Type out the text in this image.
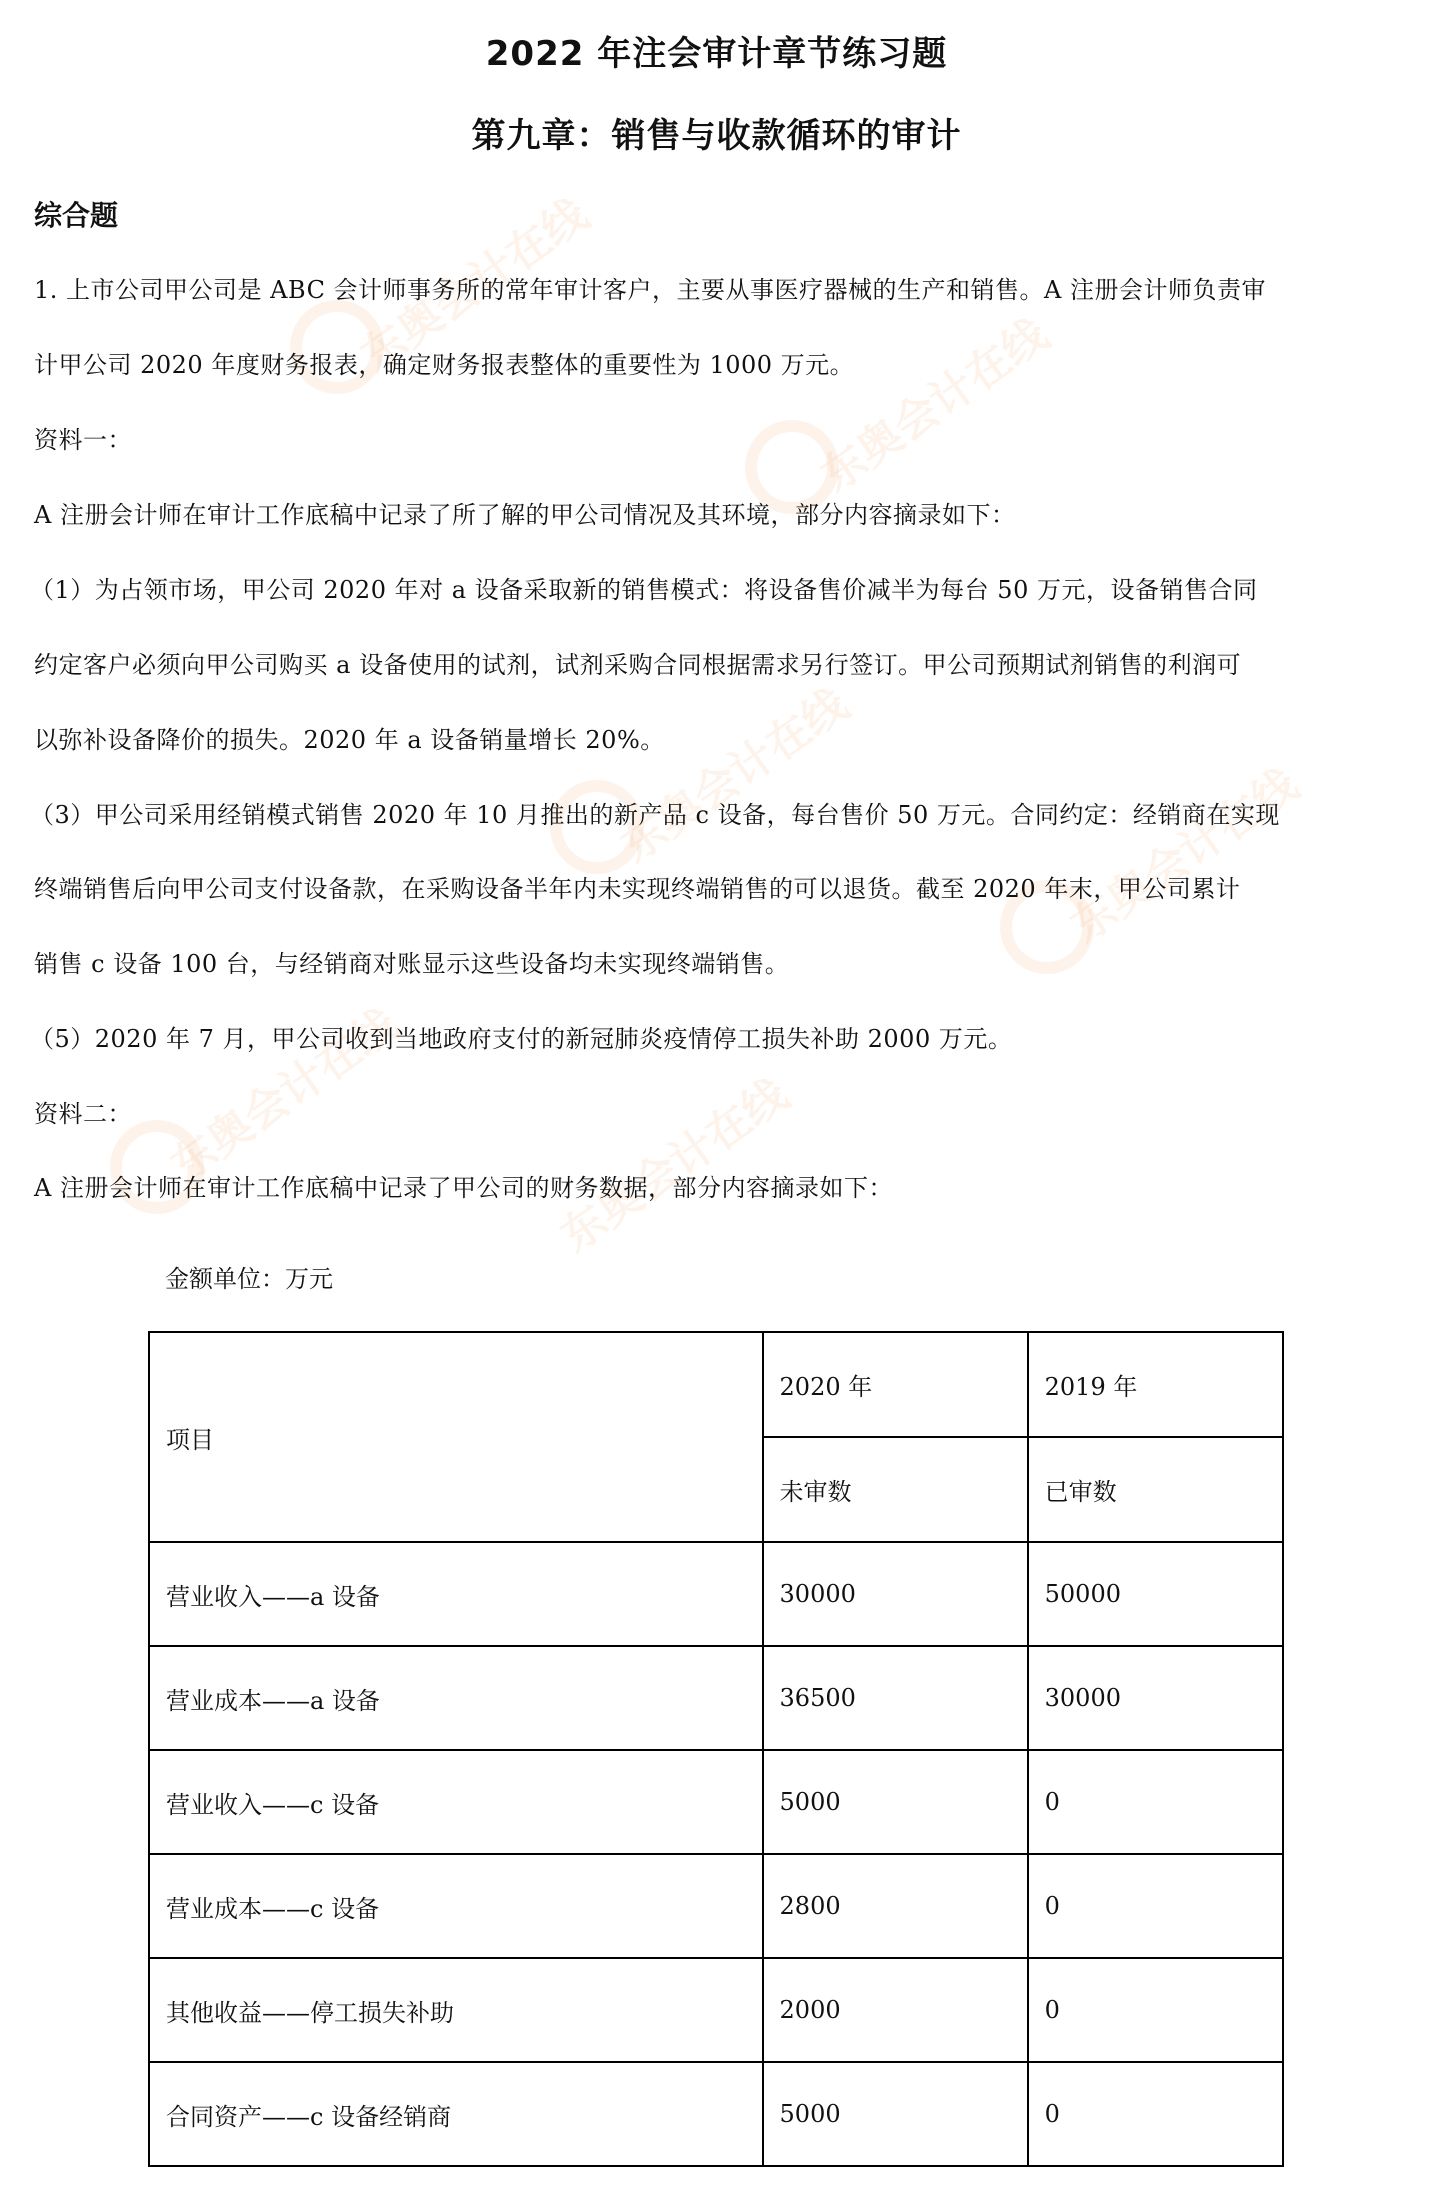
东奥会计在线
东奥会计在线
东奥会计在线	东奥会计在线
东奥会计在线	东奥会计在线
2022 年注会审计章节练习题
第九章：销售与收款循环的审计
综合题
1. 上市公司甲公司是 ABC 会计师事务所的常年审计客户，主要从事医疗器械的生产和销售。A 注册会计师负责审
计甲公司 2020 年度财务报表，确定财务报表整体的重要性为 1000 万元。
资料一：
A 注册会计师在审计工作底稿中记录了所了解的甲公司情况及其环境，部分内容摘录如下：
（1）为占领市场，甲公司 2020 年对 a 设备采取新的销售模式：将设备售价减半为每台 50 万元，设备销售合同
约定客户必须向甲公司购买 a 设备使用的试剂，试剂采购合同根据需求另行签订。甲公司预期试剂销售的利润可
以弥补设备降价的损失。2020 年 a 设备销量增长 20%。
（3）甲公司采用经销模式销售 2020 年 10 月推出的新产品 c 设备，每台售价 50 万元。合同约定：经销商在实现
终端销售后向甲公司支付设备款，在采购设备半年内未实现终端销售的可以退货。截至 2020 年末，甲公司累计
销售 c 设备 100 台，与经销商对账显示这些设备均未实现终端销售。
（5）2020 年 7 月，甲公司收到当地政府支付的新冠肺炎疫情停工损失补助 2000 万元。
资料二：
A 注册会计师在审计工作底稿中记录了甲公司的财务数据，部分内容摘录如下：
金额单位：万元
项目	2020 年	2019 年
	未审数	已审数
营业收入——a 设备	30000	50000
营业成本——a 设备	36500	30000
营业收入——c 设备	5000	0
营业成本——c 设备	2800	0
其他收益——停工损失补助	2000	0
合同资产——c 设备经销商	5000	0
